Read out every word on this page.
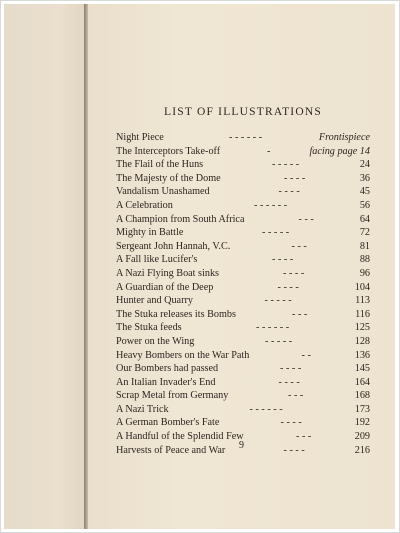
LIST OF ILLUSTRATIONS
Night Piece	- - - - - -	Frontispiece
The Interceptors Take-off	-	facing page 14
The Flail of the Huns	- - - - -	24
The Majesty of the Dome	- - - -	36
Vandalism Unashamed	- - - -	45
A Celebration	- - - - - -	56
A Champion from South Africa	- - -	64
Mighty in Battle	- - - - -	72
Sergeant John Hannah, V.C.	- - -	81
A Fall like Lucifer's	- - - -	88
A Nazi Flying Boat sinks	- - - -	96
A Guardian of the Deep	- - - -	104
Hunter and Quarry	- - - - -	113
The Stuka releases its Bombs	- - -	116
The Stuka feeds	- - - - - -	125
Power on the Wing	- - - - -	128
Heavy Bombers on the War Path	- -	136
Our Bombers had passed	- - - -	145
An Italian Invader's End	- - - -	164
Scrap Metal from Germany	- - -	168
A Nazi Trick	- - - - - -	173
A German Bomber's Fate	- - - -	192
A Handful of the Splendid Few	- - -	209
Harvests of Peace and War	- - - -	216
9
